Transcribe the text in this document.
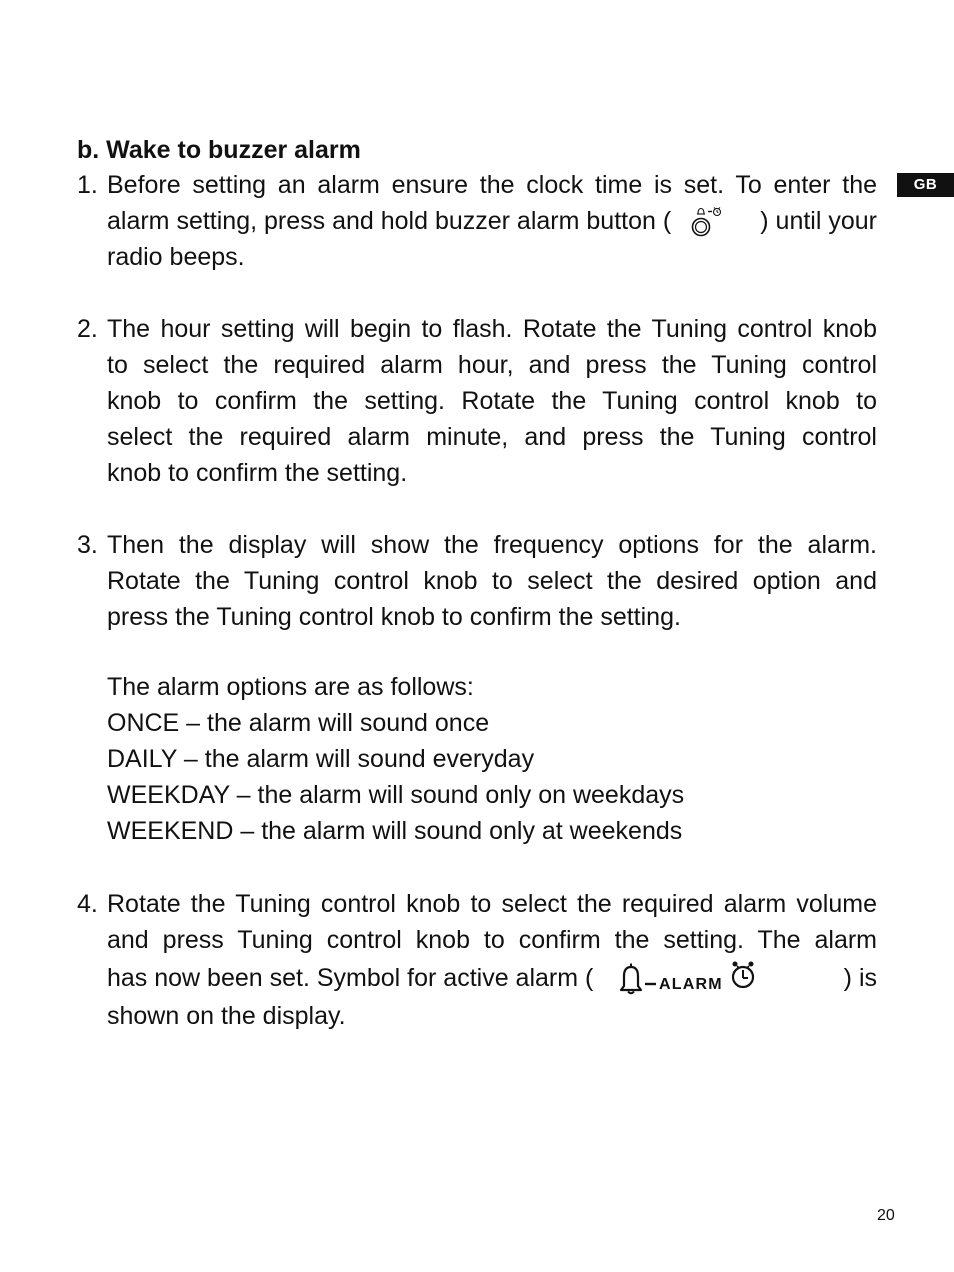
b. Wake to buzzer alarm
GB
1. Before setting an alarm ensure the clock time is set. To enter the
alarm setting, press and hold buzzer alarm button (	) until your
radio beeps.
2. The hour setting will begin to flash. Rotate the Tuning control knob
to select the required alarm hour, and press the Tuning control
knob to confirm the setting. Rotate the Tuning control knob to
select the required alarm minute, and press the Tuning control
knob to confirm the setting.
3. Then the display will show the frequency options for the alarm.
Rotate the Tuning control knob to select the desired option and
press the Tuning control knob to confirm the setting.
The alarm options are as follows:
ONCE – the alarm will sound once
DAILY – the alarm will sound everyday
WEEKDAY – the alarm will sound only on weekdays
WEEKEND – the alarm will sound only at weekends
4. Rotate the Tuning control knob to select the required alarm volume
and press Tuning control knob to confirm the setting. The alarm
has now been set. Symbol for active alarm (	ALARM	) is
shown on the display.
20
